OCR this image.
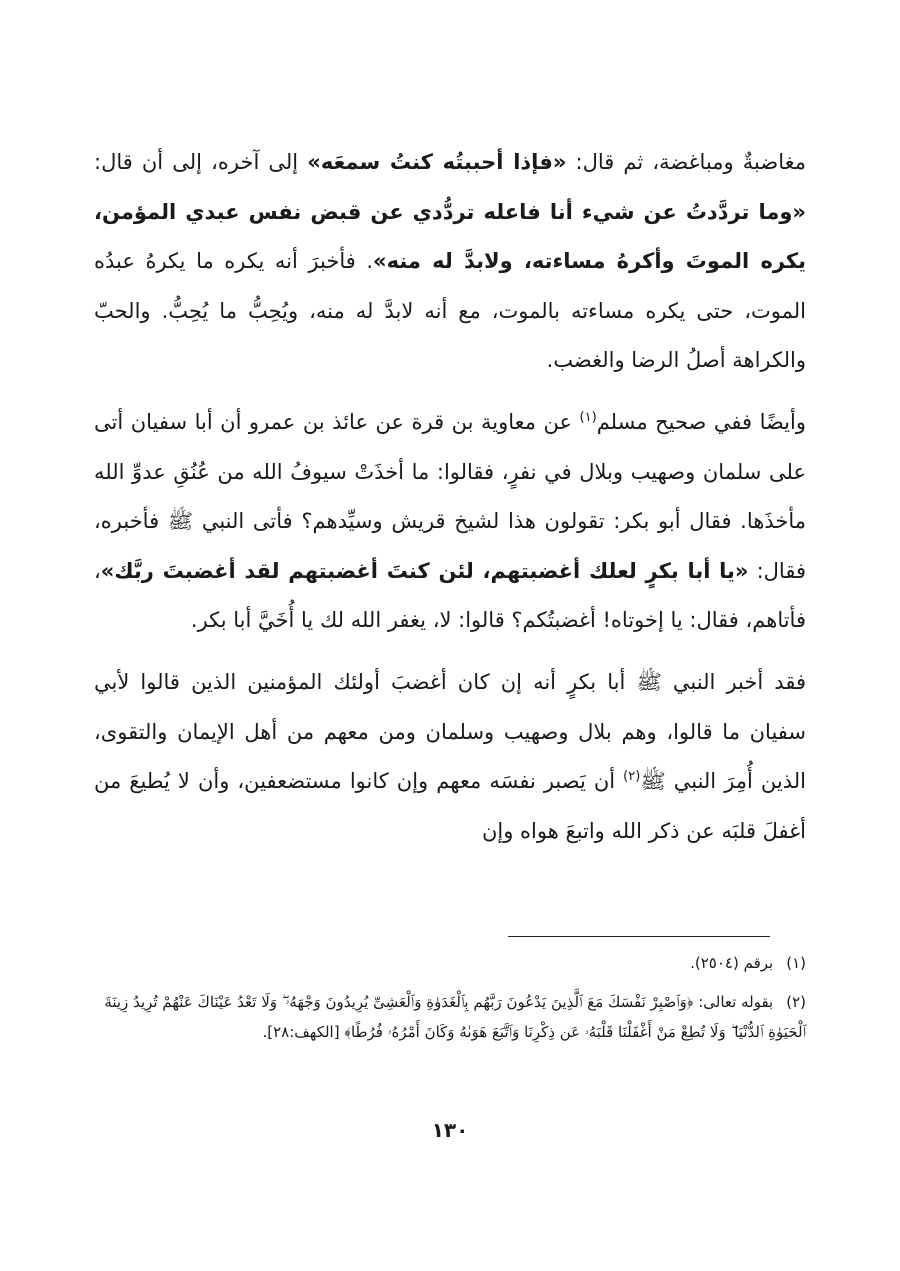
مغاضبةٌ ومباغضة، ثم قال: «فإذا أحببتُه كنتُ سمعَه» إلى آخره، إلى أن قال: «وما تردَّدتُ عن شيء أنا فاعله تردُّدي عن قبض نفس عبدي المؤمن، يكره الموتَ وأكرهُ مساءته، ولابدَّ له منه». فأخبرَ أنه يكره ما يكرهُ عبدُه الموت، حتى يكره مساءته بالموت، مع أنه لابدَّ له منه، ويُحِبُّ ما يُحِبُّ. والحبّ والكراهة أصلُ الرضا والغضب.

وأيضًا ففي صحيح مسلم$^{(١)}$ عن معاوية بن قرة عن عائذ بن عمرو أن أبا سفيان أتى على سلمان وصهيب وبلال في نفرٍ، فقالوا: ما أخذَتْ سيوفُ الله من عُنُقِ عدوِّ الله مأخذَها. فقال أبو بكر: تقولون هذا لشيخ قريش وسيِّدهم؟ فأتى النبي ﷺ فأخبره، فقال: «يا أبا بكرٍ لعلك أغضبتهم، لئن كنتَ أغضبتهم لقد أغضبتَ ربَّك»، فأتاهم، فقال: يا إخوتاه! أغضبتُكم؟ قالوا: لا، يغفر الله لك يا أُخَيَّ أبا بكر.

فقد أخبر النبي ﷺ أبا بكرٍ أنه إن كان أغضبَ أولئك المؤمنين الذين قالوا لأبي سفيان ما قالوا، وهم بلال وصهيب وسلمان ومن معهم من أهل الإيمان والتقوى، الذين أُمِرَ النبي ﷺ$^{(٢)}$ أن يَصبر نفسَه معهم وإن كانوا مستضعفين، وأن لا يُطيعَ من أغفلَ قلبَه عن ذكر الله واتبعَ هواه وإن

(١) برقم (٢٥٠٤).

(٢) بقوله تعالى: ﴿وَٱصْبِرْ نَفْسَكَ مَعَ ٱلَّذِينَ يَدْعُونَ رَبَّهُم بِٱلْغَدَوٰةِ وَٱلْعَشِىِّ يُرِيدُونَ وَجْهَهُۥ ۖ وَلَا تَعْدُ عَيْنَاكَ عَنْهُمْ تُرِيدُ زِينَةَ ٱلْحَيَوٰةِ ٱلدُّنْيَا ۖ وَلَا تُطِعْ مَنْ أَغْفَلْنَا قَلْبَهُۥ عَن ذِكْرِنَا وَٱتَّبَعَ هَوَىٰهُ وَكَانَ أَمْرُهُۥ فُرُطًا﴾ [الكهف:٢٨].

١٣٠
